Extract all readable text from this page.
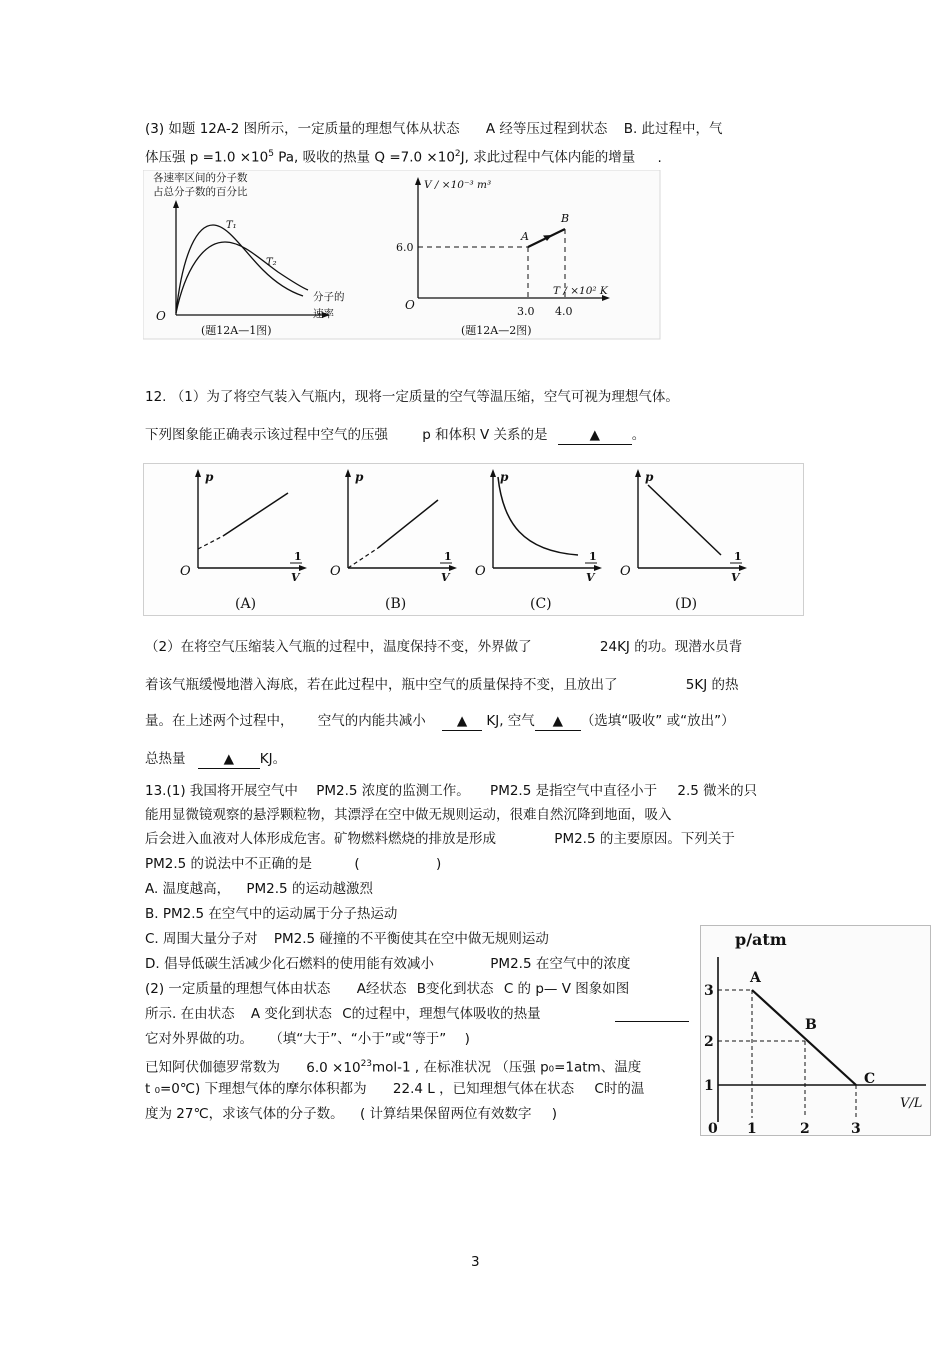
(3) 如题 12A-2 图所示，一定质量的理想气体从状态 A 经等压过程到状态 B. 此过程中，气
体压强 $p =1.0 \times 10^5$ Pa, 吸收的热量 $Q =7.0 \times 10^2J$, 求此过程中气体内能的增量 .
各速率区间的分子数
占总分子数的百分比
T₁
T₂
分子的
速率
O
(题12A—1图)
V / ×10⁻³ m³
T / ×10² K
6.0
3.0 4.0
A
B
O
(题12A—2图)
12. （1）为了将空气装入气瓶内，现将一定质量的空气等温压缩，空气可视为理想气体。
下列图象能正确表示该过程中空气的压强	p 和体积 V 关系的是	▲ 。
p
O
1
V
(A)
p
O
1
V
(B)
p
O
1
V
(C)
p
O
1
V
(D)
（2）在将空气压缩装入气瓶的过程中，温度保持不变，外界做了	24KJ 的功。现潜水员背
着该气瓶缓慢地潜入海底，若在此过程中，瓶中空气的质量保持不变，且放出了	5KJ 的热
量。在上述两个过程中， 空气的内能共减小 ▲ KJ, 空气 ▲ （选填“吸收” 或“放出”）
总热量	▲ KJ。
13.(1) 我国将开展空气中 PM2.5 浓度的监测工作。 PM2.5 是指空气中直径小于 2.5 微米的只
能用显微镜观察的悬浮颗粒物，其漂浮在空中做无规则运动，很难自然沉降到地面，吸入
后会进入血液对人体形成危害。矿物燃料燃烧的排放是形成	PM2.5 的主要原因。下列关于
PM2.5 的说法中不正确的是	(	)
A. 温度越高， PM2.5 的运动越激烈
B. PM2.5 在空气中的运动属于分子热运动
C. 周围大量分子对 PM2.5 碰撞的不平衡使其在空中做无规则运动
D. 倡导低碳生活减少化石燃料的使用能有效减小	PM2.5 在空气中的浓度
(2) 一定质量的理想气体由状态 A经状态 B变化到状态 C 的 p— V 图象如图
所示. 在由状态 A 变化到状态 C的过程中，理想气体吸收的热量
它对外界做的功。 （填“大于”、“小于”或“等于” )
已知阿伏伽德罗常数为 $6.0 \times 10^{23}mol-1$ , 在标准状况 （压强 p₀=1atm、温度
t ₀=0℃) 下理想气体的摩尔体积都为 22.4 L ，已知理想气体在状态 C时的温
度为 27℃，求该气体的分子数。 ( 计算结果保留两位有效数字 )
p/atm
V/L
3
2
1
0 1	2	3
A
B
C
3
